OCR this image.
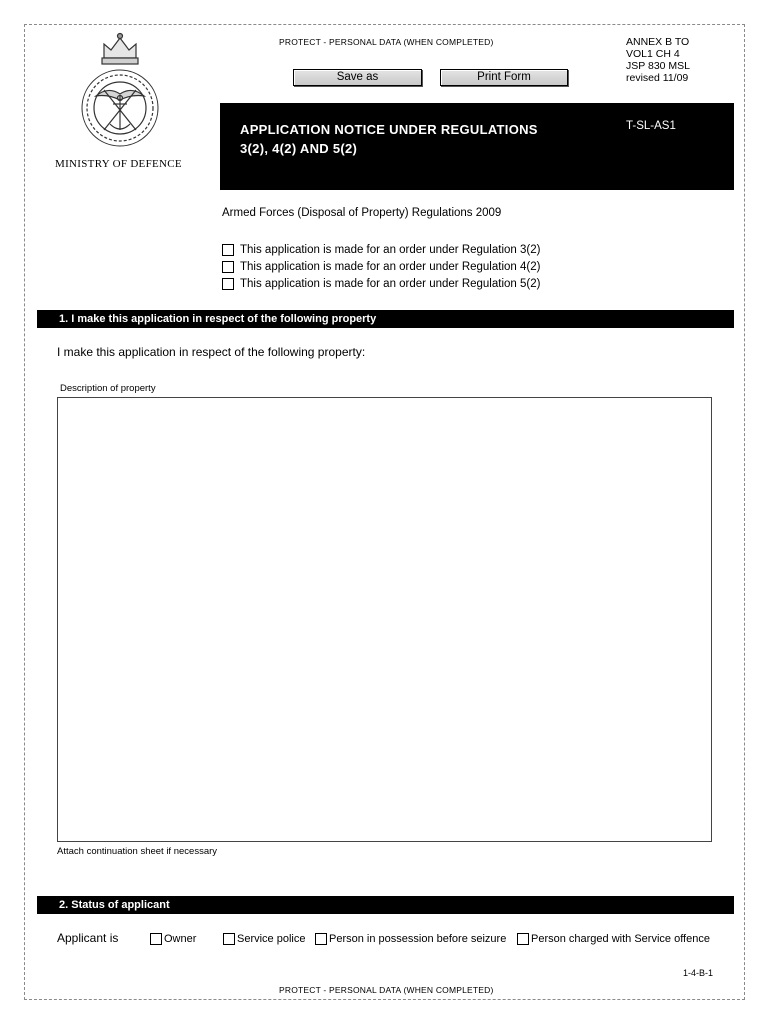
PROTECT - PERSONAL DATA (WHEN COMPLETED)
Save as	Print Form
ANNEX B TO
VOL1 CH 4
JSP 830 MSL
revised 11/09
MINISTRY OF DEFENCE
APPLICATION NOTICE UNDER REGULATIONS
3(2), 4(2) AND 5(2)
T-SL-AS1
Armed Forces (Disposal of Property) Regulations 2009
This application is made for an order under Regulation 3(2)
This application is made for an order under Regulation 4(2)
This application is made for an order under Regulation 5(2)
1. I make this application in respect of the following property
I make this application in respect of the following property:
Description of property
Attach continuation sheet if necessary
2. Status of applicant
Applicant is	Owner	Service police Person in possession before seizure Person charged with Service offence
1-4-B-1
PROTECT - PERSONAL DATA (WHEN COMPLETED)
